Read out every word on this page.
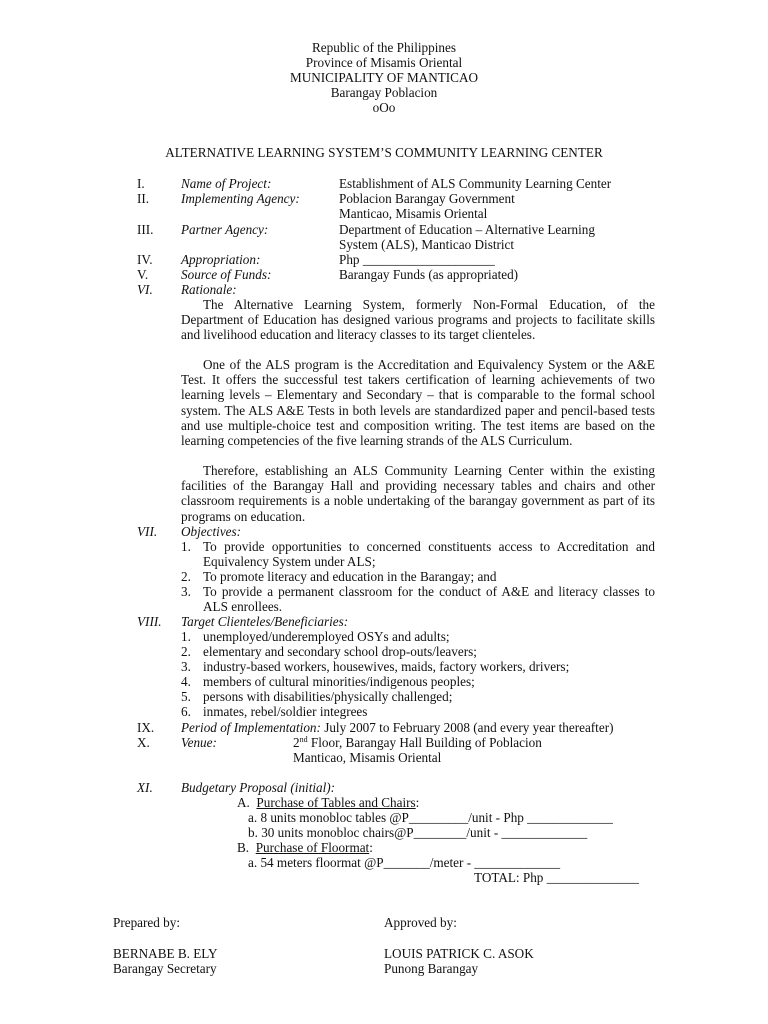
Republic of the Philippines
Province of Misamis Oriental
MUNICIPALITY OF MANTICAO
Barangay Poblacion
oOo
ALTERNATIVE LEARNING SYSTEM’S COMMUNITY LEARNING CENTER
I.	Name of Project:	Establishment of ALS Community Learning Center
II. Implementing Agency:	Poblacion Barangay Government
Manticao, Misamis Oriental
III. Partner Agency:	Department of Education – Alternative Learning
System (ALS), Manticao District
IV. Appropriation:	Php ____________________
V. Source of Funds:	Barangay Funds (as appropriated)
VI. Rationale:
The Alternative Learning System, formerly Non-Formal Education, of the Department of Education has designed various programs and projects to facilitate skills and livelihood education and literacy classes to its target clienteles.
One of the ALS program is the Accreditation and Equivalency System or the A&E Test. It offers the successful test takers certification of learning achievements of two learning levels – Elementary and Secondary – that is comparable to the formal school system. The ALS A&E Tests in both levels are standardized paper and pencil-based tests and use multiple-choice test and composition writing. The test items are based on the learning competencies of the five learning strands of the ALS Curriculum.
Therefore, establishing an ALS Community Learning Center within the existing facilities of the Barangay Hall and providing necessary tables and chairs and other classroom requirements is a noble undertaking of the barangay government as part of its programs on education.
VII. Objectives:
1. To provide opportunities to concerned constituents access to Accreditation and Equivalency System under ALS;
2. To promote literacy and education in the Barangay; and
3. To provide a permanent classroom for the conduct of A&E and literacy classes to ALS enrollees.
VIII. Target Clienteles/Beneficiaries:
1. unemployed/underemployed OSYs and adults;
2. elementary and secondary school drop-outs/leavers;
3. industry-based workers, housewives, maids, factory workers, drivers;
4. members of cultural minorities/indigenous peoples;
5. persons with disabilities/physically challenged;
6. inmates, rebel/soldier integrees
IX. Period of Implementation: July 2007 to February 2008 (and every year thereafter)
X. Venue:	2nd Floor, Barangay Hall Building of Poblacion
Manticao, Misamis Oriental
XI. Budgetary Proposal (initial):
A. Purchase of Tables and Chairs:
a. 8 units monobloc tables @P_________/unit - Php _____________
b. 30 units monobloc chairs@P________/unit - _____________
B. Purchase of Floormat:
a. 54 meters floormat @P_______/meter - _____________
TOTAL: Php ______________
Prepared by:
BERNABE B. ELY
Barangay Secretary
Approved by:
LOUIS PATRICK C. ASOK
Punong Barangay
